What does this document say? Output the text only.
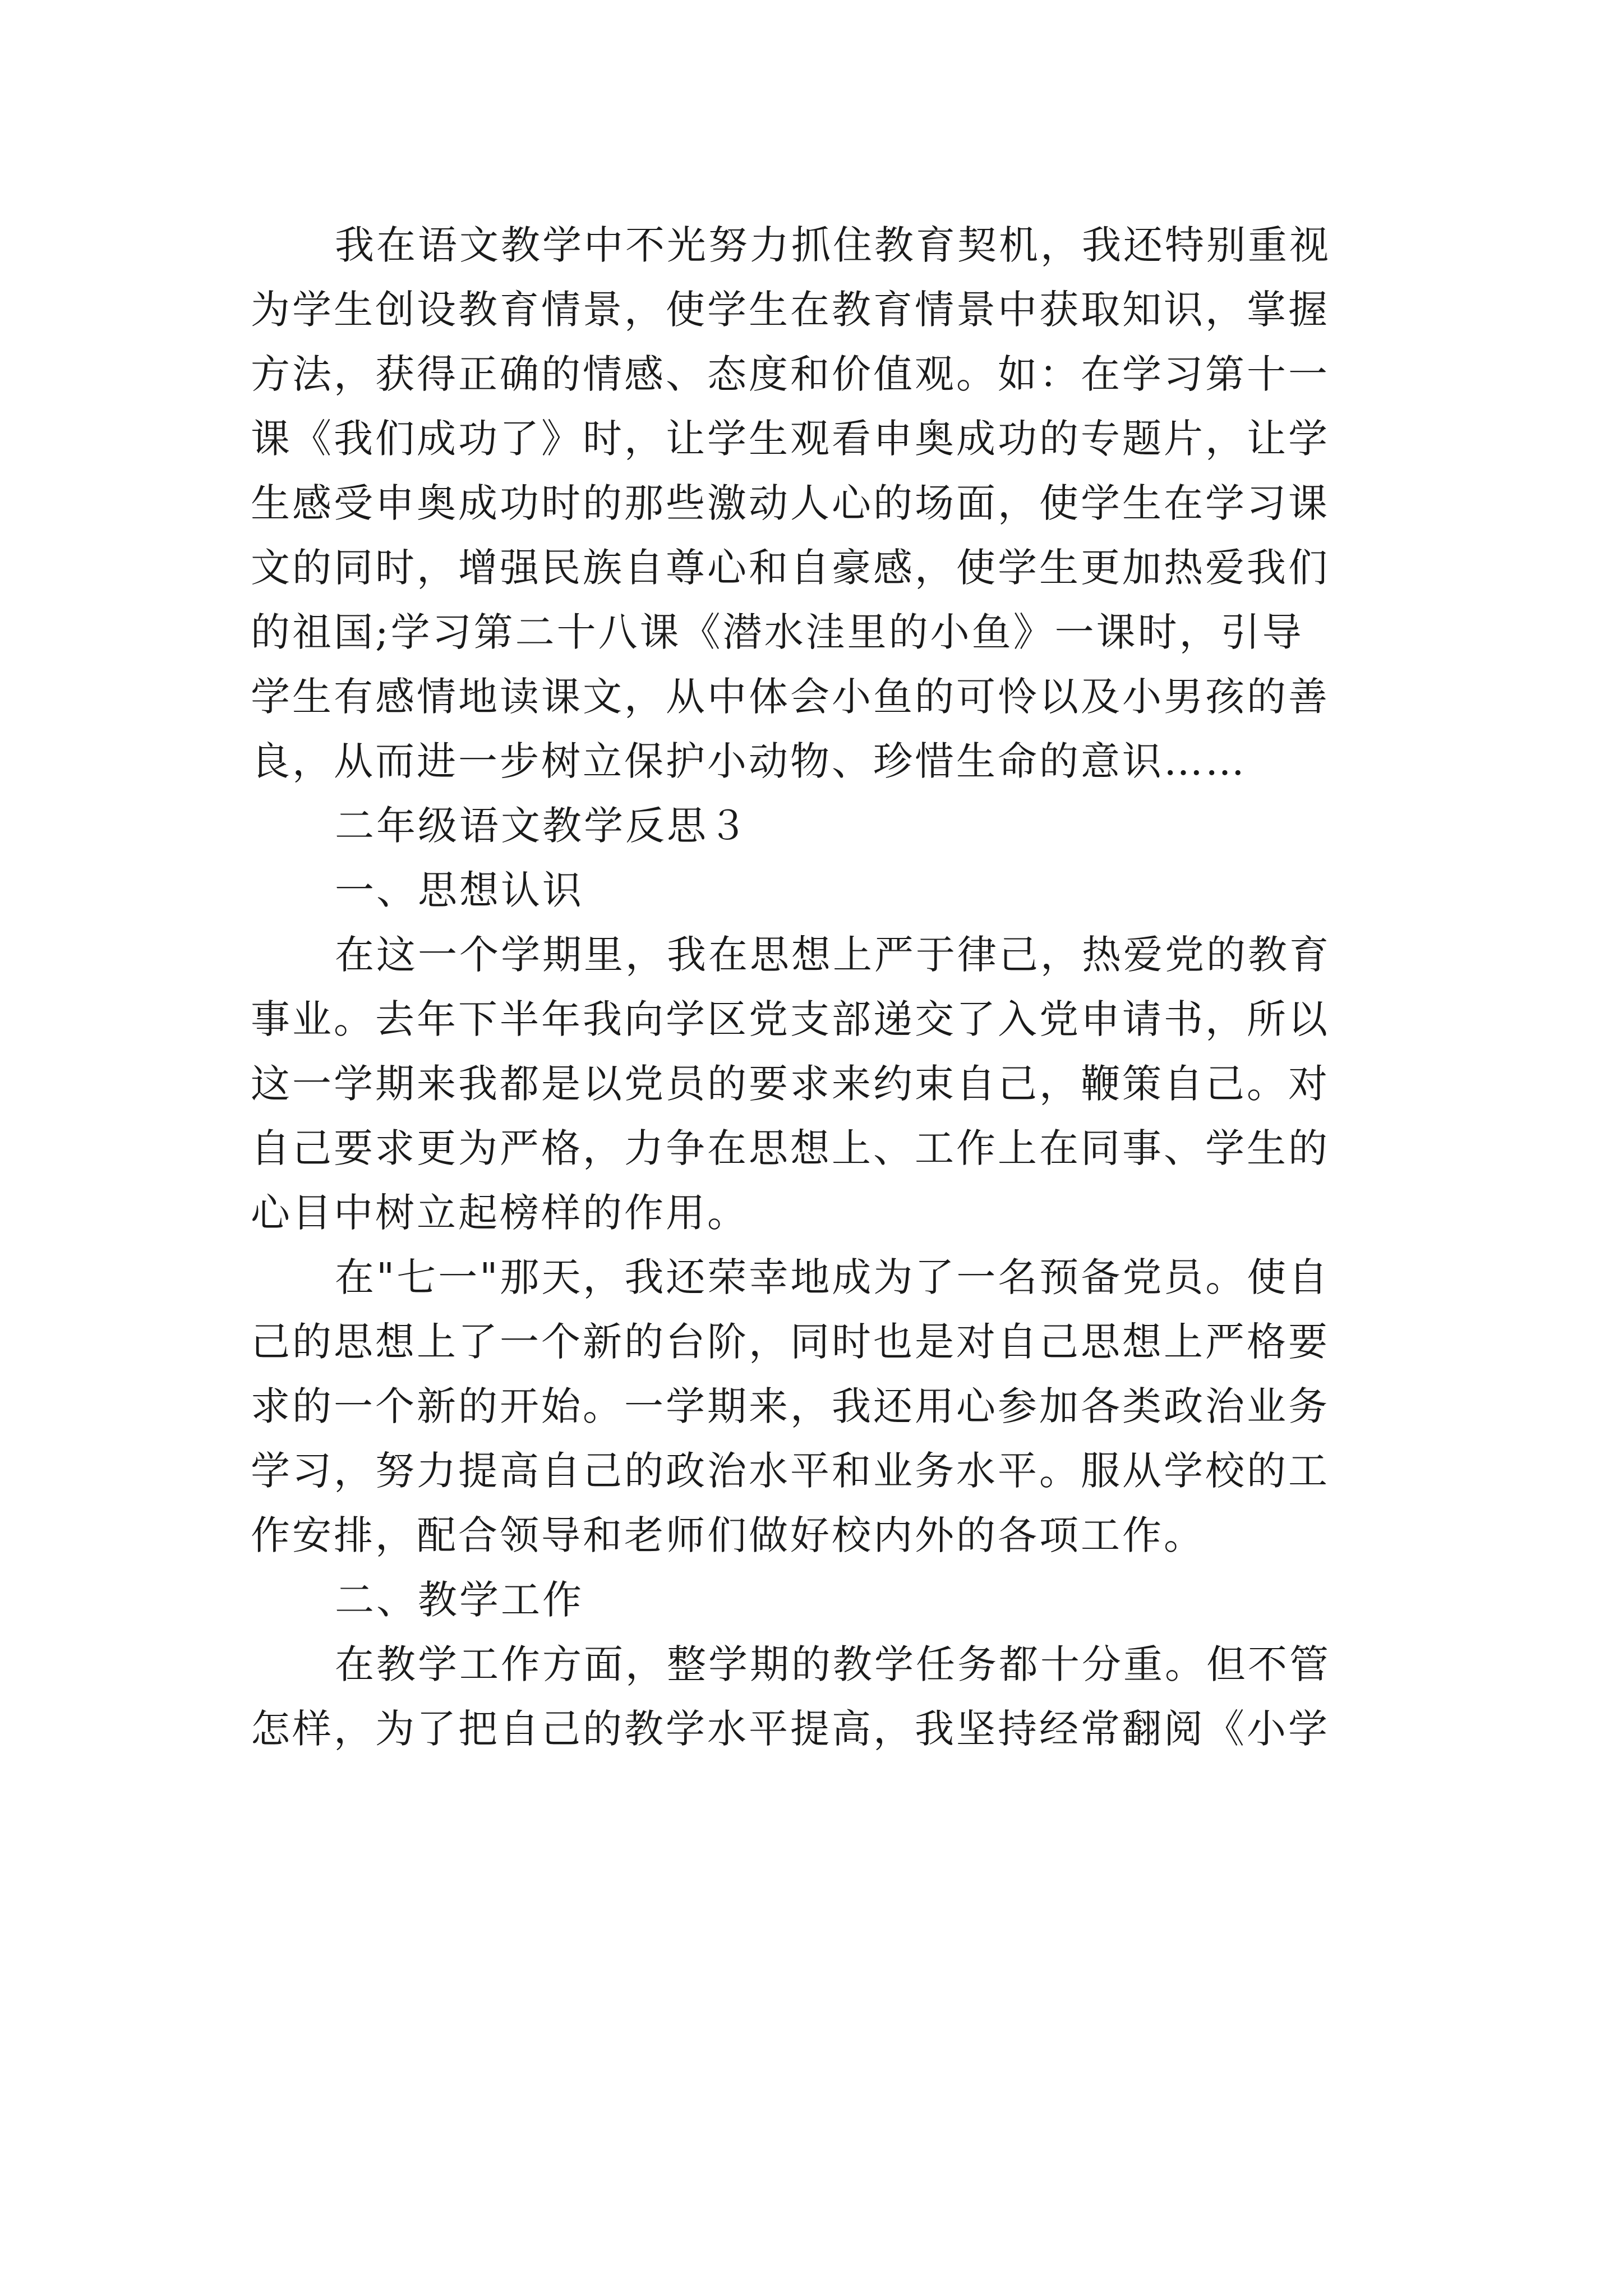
我在语文教学中不光努力抓住教育契机，我还特别重视
为学生创设教育情景，使学生在教育情景中获取知识，掌握
方法，获得正确的情感、态度和价值观。如：在学习第十一
课《我们成功了》时，让学生观看申奥成功的专题片，让学
生感受申奥成功时的那些激动人心的场面，使学生在学习课
文的同时，增强民族自尊心和自豪感，使学生更加热爱我们
的祖国;学习第二十八课《潜水洼里的小鱼》一课时，引导
学生有感情地读课文，从中体会小鱼的可怜以及小男孩的善
良，从而进一步树立保护小动物、珍惜生命的意识……
二年级语文教学反思３
一、思想认识
在这一个学期里，我在思想上严于律己，热爱党的教育
事业。去年下半年我向学区党支部递交了入党申请书，所以
这一学期来我都是以党员的要求来约束自己，鞭策自己。对
自己要求更为严格，力争在思想上、工作上在同事、学生的
心目中树立起榜样的作用。
在"七一"那天，我还荣幸地成为了一名预备党员。使自
己的思想上了一个新的台阶，同时也是对自己思想上严格要
求的一个新的开始。一学期来，我还用心参加各类政治业务
学习，努力提高自己的政治水平和业务水平。服从学校的工
作安排，配合领导和老师们做好校内外的各项工作。
二、教学工作
在教学工作方面，整学期的教学任务都十分重。但不管
怎样，为了把自己的教学水平提高，我坚持经常翻阅《小学
